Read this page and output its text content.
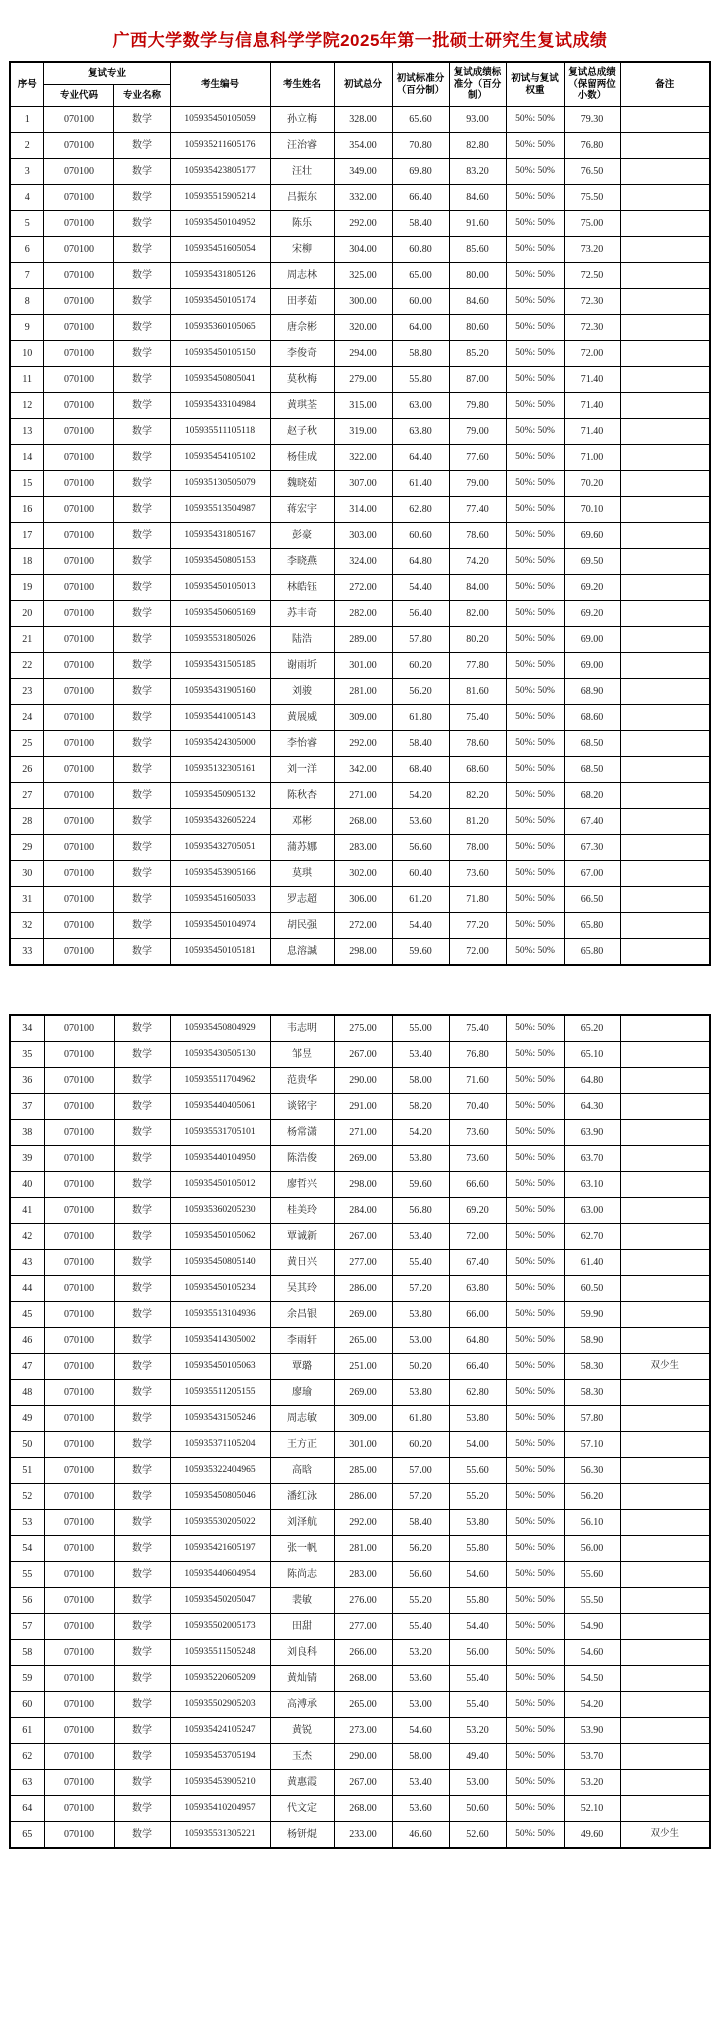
广西大学数学与信息科学学院2025年第一批硕士研究生复试成绩
序号	复试专业		考生编号	考生姓名	初试总分	初试标准分（百分制）	复试成绩标准分（百分制）	初试与复试权重	复试总成绩（保留两位小数）	备注
	专业代码	专业名称								
1	070100	数学	105935450105059	孙立梅	328.00	65.60	93.00	50%: 50%	79.30	
2	070100	数学	105935211605176	汪治睿	354.00	70.80	82.80	50%: 50%	76.80	
3	070100	数学	105935423805177	汪壮	349.00	69.80	83.20	50%: 50%	76.50	
4	070100	数学	105935515905214	吕振东	332.00	66.40	84.60	50%: 50%	75.50	
5	070100	数学	105935450104952	陈乐	292.00	58.40	91.60	50%: 50%	75.00	
6	070100	数学	105935451605054	宋柳	304.00	60.80	85.60	50%: 50%	73.20	
7	070100	数学	105935431805126	周志林	325.00	65.00	80.00	50%: 50%	72.50	
8	070100	数学	105935450105174	田孝茹	300.00	60.00	84.60	50%: 50%	72.30	
9	070100	数学	105935360105065	唐佘彬	320.00	64.00	80.60	50%: 50%	72.30	
10	070100	数学	105935450105150	李俊奇	294.00	58.80	85.20	50%: 50%	72.00	
11	070100	数学	105935450805041	莫秋梅	279.00	55.80	87.00	50%: 50%	71.40	
12	070100	数学	105935433104984	黄琪荃	315.00	63.00	79.80	50%: 50%	71.40	
13	070100	数学	105935511105118	赵子秋	319.00	63.80	79.00	50%: 50%	71.40	
14	070100	数学	105935454105102	杨佳成	322.00	64.40	77.60	50%: 50%	71.00	
15	070100	数学	105935130505079	魏晓茹	307.00	61.40	79.00	50%: 50%	70.20	
16	070100	数学	105935513504987	蒋宏宇	314.00	62.80	77.40	50%: 50%	70.10	
17	070100	数学	105935431805167	彭豪	303.00	60.60	78.60	50%: 50%	69.60	
18	070100	数学	105935450805153	李晓燕	324.00	64.80	74.20	50%: 50%	69.50	
19	070100	数学	105935450105013	林皓钰	272.00	54.40	84.00	50%: 50%	69.20	
20	070100	数学	105935450605169	苏丰奇	282.00	56.40	82.00	50%: 50%	69.20	
21	070100	数学	105935531805026	陆浩	289.00	57.80	80.20	50%: 50%	69.00	
22	070100	数学	105935431505185	谢雨圻	301.00	60.20	77.80	50%: 50%	69.00	
23	070100	数学	105935431905160	刘骏	281.00	56.20	81.60	50%: 50%	68.90	
24	070100	数学	105935441005143	黄展威	309.00	61.80	75.40	50%: 50%	68.60	
25	070100	数学	105935424305000	李怡睿	292.00	58.40	78.60	50%: 50%	68.50	
26	070100	数学	105935132305161	刘一洋	342.00	68.40	68.60	50%: 50%	68.50	
27	070100	数学	105935450905132	陈秋杏	271.00	54.20	82.20	50%: 50%	68.20	
28	070100	数学	105935432605224	邓彬	268.00	53.60	81.20	50%: 50%	67.40	
29	070100	数学	105935432705051	蒲苏娜	283.00	56.60	78.00	50%: 50%	67.30	
30	070100	数学	105935453905166	莫琪	302.00	60.40	73.60	50%: 50%	67.00	
31	070100	数学	105935451605033	罗志超	306.00	61.20	71.80	50%: 50%	66.50	
32	070100	数学	105935450104974	胡民强	272.00	54.40	77.20	50%: 50%	65.80	
33	070100	数学	105935450105181	息溶諴	298.00	59.60	72.00	50%: 50%	65.80	
34	070100	数学	105935450804929	韦志明	275.00	55.00	75.40	50%: 50%	65.20	
35	070100	数学	105935430505130	邹昱	267.00	53.40	76.80	50%: 50%	65.10	
36	070100	数学	105935511704962	范贵华	290.00	58.00	71.60	50%: 50%	64.80	
37	070100	数学	105935440405061	谈铭宇	291.00	58.20	70.40	50%: 50%	64.30	
38	070100	数学	105935531705101	杨常潇	271.00	54.20	73.60	50%: 50%	63.90	
39	070100	数学	105935440104950	陈浩俊	269.00	53.80	73.60	50%: 50%	63.70	
40	070100	数学	105935450105012	廖哲兴	298.00	59.60	66.60	50%: 50%	63.10	
41	070100	数学	105935360205230	桂美玲	284.00	56.80	69.20	50%: 50%	63.00	
42	070100	数学	105935450105062	覃诚新	267.00	53.40	72.00	50%: 50%	62.70	
43	070100	数学	105935450805140	黄日兴	277.00	55.40	67.40	50%: 50%	61.40	
44	070100	数学	105935450105234	吴其玲	286.00	57.20	63.80	50%: 50%	60.50	
45	070100	数学	105935513104936	余昌银	269.00	53.80	66.00	50%: 50%	59.90	
46	070100	数学	105935414305002	李雨轩	265.00	53.00	64.80	50%: 50%	58.90	
47	070100	数学	105935450105063	覃璐	251.00	50.20	66.40	50%: 50%	58.30	双少生
48	070100	数学	105935511205155	廖瑜	269.00	53.80	62.80	50%: 50%	58.30	
49	070100	数学	105935431505246	周志敏	309.00	61.80	53.80	50%: 50%	57.80	
50	070100	数学	105935371105204	王方正	301.00	60.20	54.00	50%: 50%	57.10	
51	070100	数学	105935322404965	高晗	285.00	57.00	55.60	50%: 50%	56.30	
52	070100	数学	105935450805046	潘红泳	286.00	57.20	55.20	50%: 50%	56.20	
53	070100	数学	105935530205022	刘泽航	292.00	58.40	53.80	50%: 50%	56.10	
54	070100	数学	105935421605197	张一帆	281.00	56.20	55.80	50%: 50%	56.00	
55	070100	数学	105935440604954	陈尚志	283.00	56.60	54.60	50%: 50%	55.60	
56	070100	数学	105935450205047	裴敏	276.00	55.20	55.80	50%: 50%	55.50	
57	070100	数学	105935502005173	田甜	277.00	55.40	54.40	50%: 50%	54.90	
58	070100	数学	105935511505248	刘良科	266.00	53.20	56.00	50%: 50%	54.60	
59	070100	数学	105935220605209	黄灿锖	268.00	53.60	55.40	50%: 50%	54.50	
60	070100	数学	105935502905203	高溥承	265.00	53.00	55.40	50%: 50%	54.20	
61	070100	数学	105935424105247	黄锐	273.00	54.60	53.20	50%: 50%	53.90	
62	070100	数学	105935453705194	玉杰	290.00	58.00	49.40	50%: 50%	53.70	
63	070100	数学	105935453905210	黄惠霞	267.00	53.40	53.00	50%: 50%	53.20	
64	070100	数学	105935410204957	代文定	268.00	53.60	50.60	50%: 50%	52.10	
65	070100	数学	105935531305221	杨钘焜	233.00	46.60	52.60	50%: 50%	49.60	双少生
